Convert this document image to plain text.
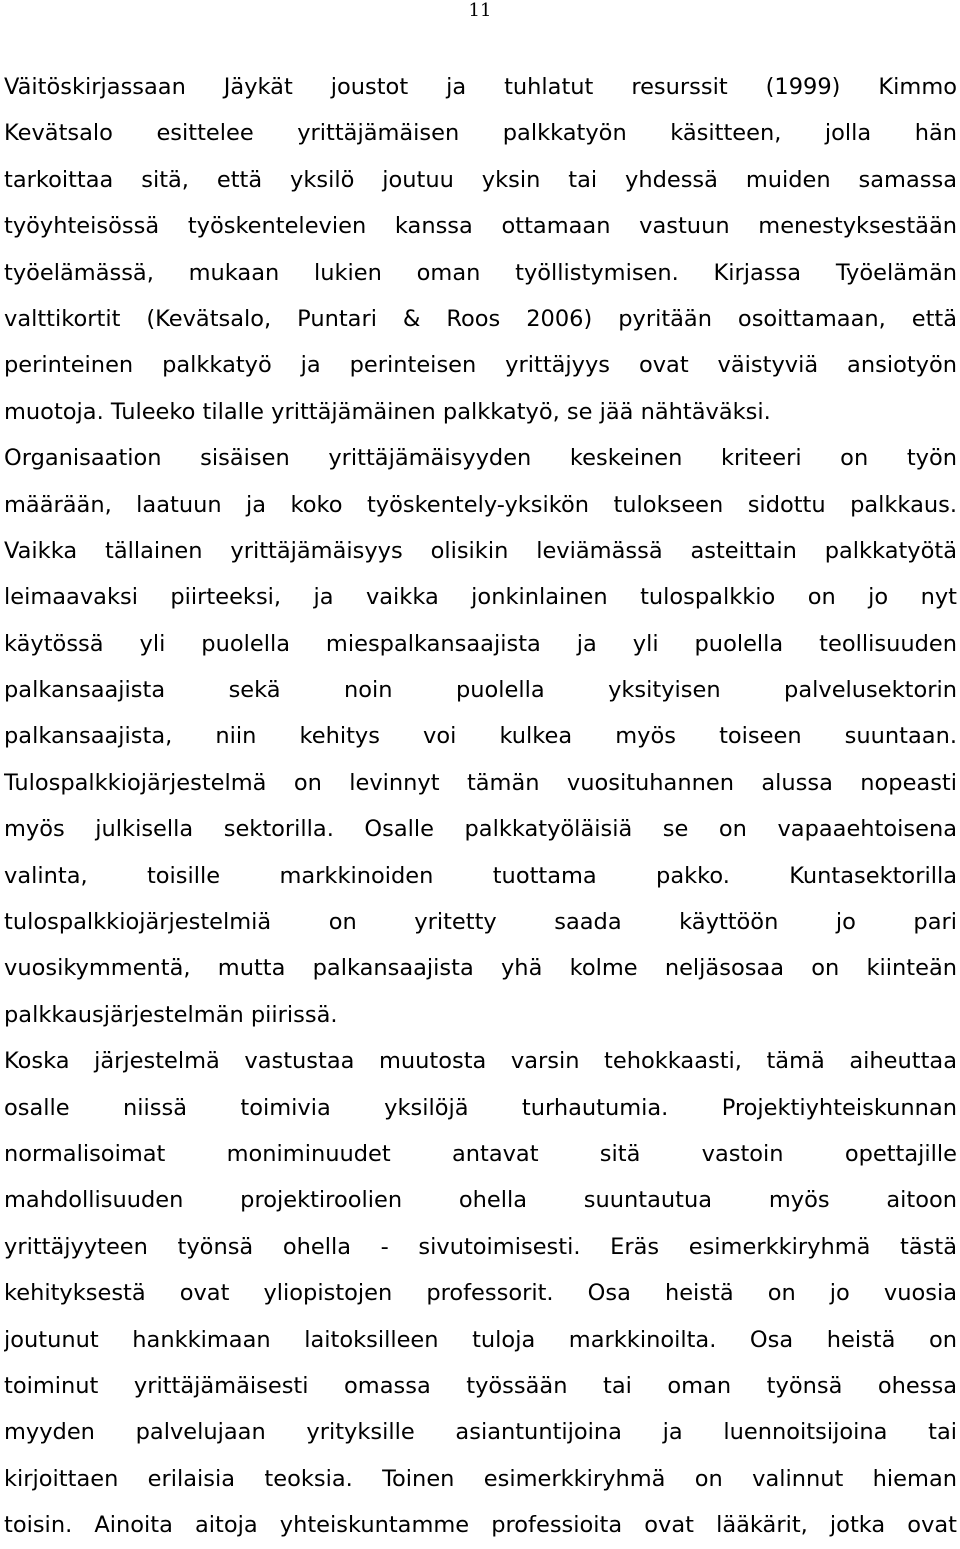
11
Väitöskirjassaan Jäykät joustot ja tuhlatut resurssit (1999) Kimmo
Kevätsalo esittelee yrittäjämäisen palkkatyön käsitteen, jolla hän
tarkoittaa sitä, että yksilö joutuu yksin tai yhdessä muiden samassa
työyhteisössä työskentelevien kanssa ottamaan vastuun menestyksestään
työelämässä, mukaan lukien oman työllistymisen. Kirjassa Työelämän
valttikortit (Kevätsalo, Puntari & Roos 2006) pyritään osoittamaan, että
perinteinen palkkatyö ja perinteisen yrittäjyys ovat väistyviä ansiotyön
muotoja. Tuleeko tilalle yrittäjämäinen palkkatyö, se jää nähtäväksi.
Organisaation sisäisen yrittäjämäisyyden keskeinen kriteeri on työn
määrään, laatuun ja koko työskentely-yksikön tulokseen sidottu palkkaus.
Vaikka tällainen yrittäjämäisyys olisikin leviämässä asteittain palkkatyötä
leimaavaksi piirteeksi, ja vaikka jonkinlainen tulospalkkio on jo nyt
käytössä yli puolella miespalkansaajista ja yli puolella teollisuuden
palkansaajista sekä noin puolella yksityisen palvelusektorin
palkansaajista, niin kehitys voi kulkea myös toiseen suuntaan.
Tulospalkkiojärjestelmä on levinnyt tämän vuosituhannen alussa nopeasti
myös julkisella sektorilla. Osalle palkkatyöläisiä se on vapaaehtoisena
valinta, toisille markkinoiden tuottama pakko. Kuntasektorilla
tulospalkkiojärjestelmiä on yritetty saada käyttöön jo pari
vuosikymmentä, mutta palkansaajista yhä kolme neljäsosaa on kiinteän
palkkausjärjestelmän piirissä.
Koska järjestelmä vastustaa muutosta varsin tehokkaasti, tämä aiheuttaa
osalle niissä toimivia yksilöjä turhautumia. Projektiyhteiskunnan
normalisoimat moniminuudet antavat sitä vastoin opettajille
mahdollisuuden projektiroolien ohella suuntautua myös aitoon
yrittäjyyteen työnsä ohella - sivutoimisesti. Eräs esimerkkiryhmä tästä
kehityksestä ovat yliopistojen professorit. Osa heistä on jo vuosia
joutunut hankkimaan laitoksilleen tuloja markkinoilta. Osa heistä on
toiminut yrittäjämäisesti omassa työssään tai oman työnsä ohessa
myyden palvelujaan yrityksille asiantuntijoina ja luennoitsijoina tai
kirjoittaen erilaisia teoksia. Toinen esimerkkiryhmä on valinnut hieman
toisin. Ainoita aitoja yhteiskuntamme professioita ovat lääkärit, jotka ovat
